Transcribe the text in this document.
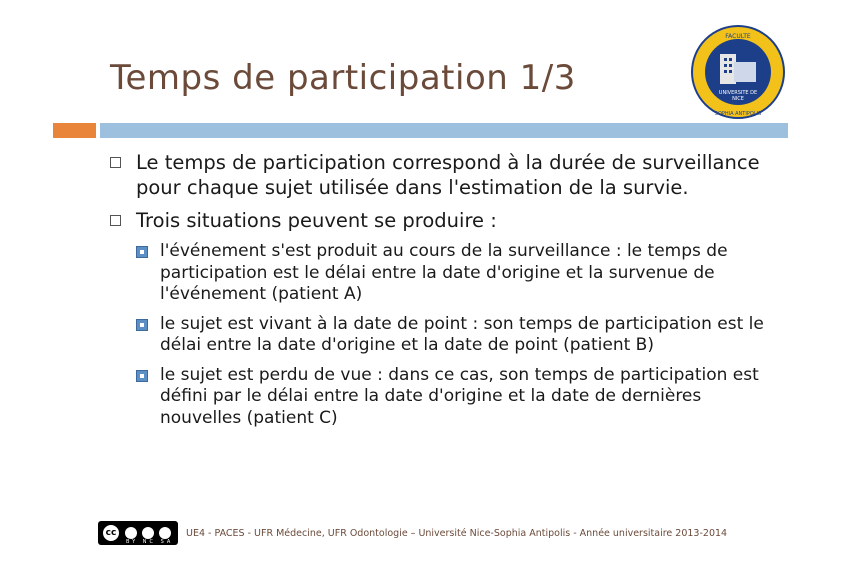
Temps de participation 1/3	UNIVERSITE DE
NICE
FACULTE
SOPHIA ANTIPOLIS
Le temps de participation correspond à la durée de surveillance pour chaque sujet utilisée dans l'estimation de la survie.
Trois situations peuvent se produire :
l'événement s'est produit au cours de la surveillance : le temps de participation est le délai entre la date d'origine et la survenue de l'événement (patient A)
le sujet est vivant à la date de point : son temps de participation est le délai entre la date d'origine et la date de point (patient B)
le sujet est perdu de vue : dans ce cas, son temps de participation est défini par le délai entre la date d'origine et la date de dernières nouvelles (patient C)
cc
BY NC SA
UE4 - PACES - UFR Médecine, UFR Odontologie – Université Nice-Sophia Antipolis - Année universitaire 2013-2014
